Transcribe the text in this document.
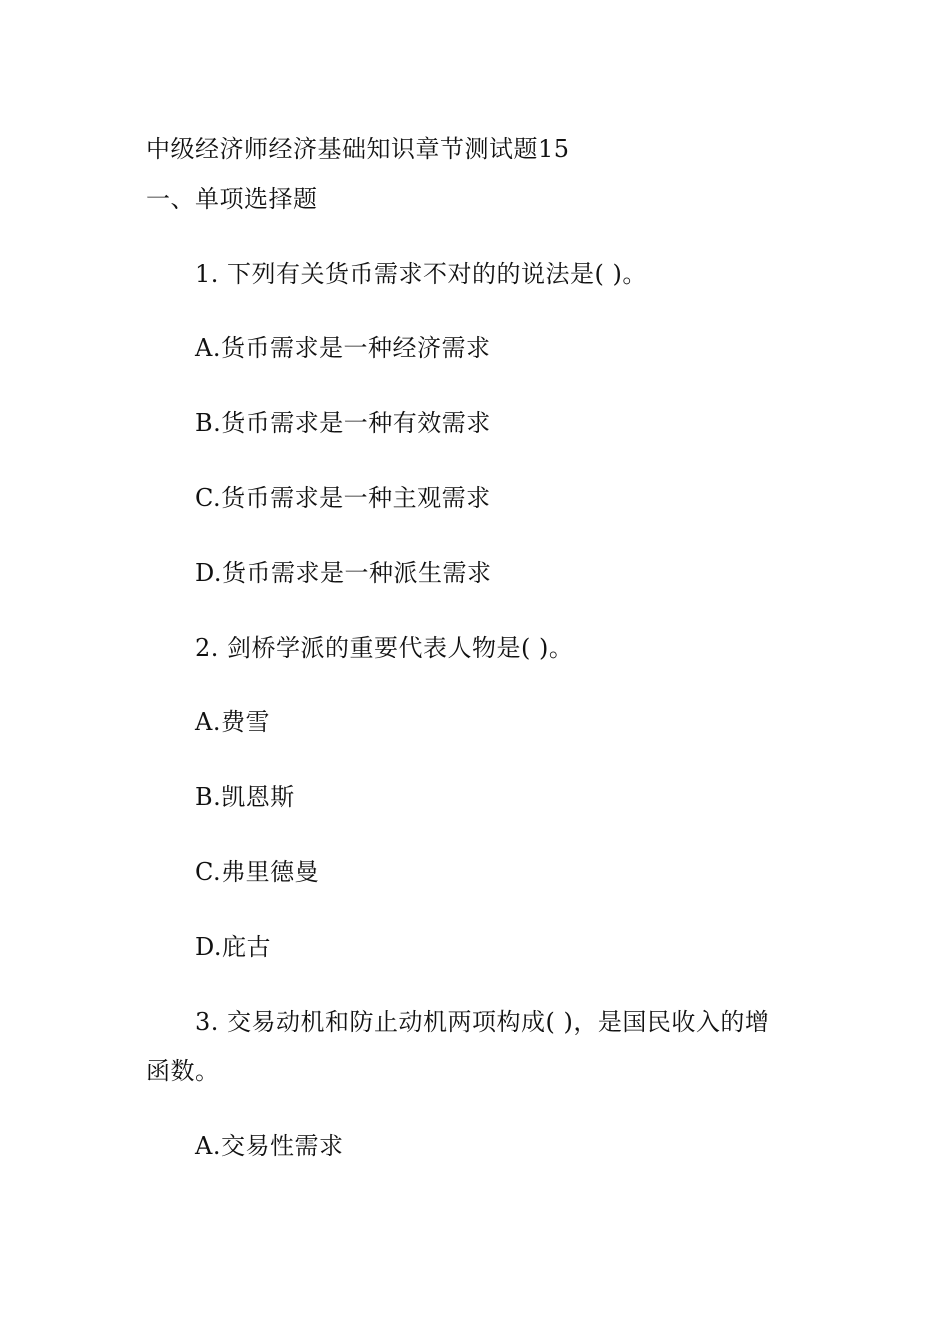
中级经济师经济基础知识章节测试题15
一、单项选择题
1. 下列有关货币需求不对的的说法是( )。
A.货币需求是一种经济需求
B.货币需求是一种有效需求
C.货币需求是一种主观需求
D.货币需求是一种派生需求
2. 剑桥学派的重要代表人物是( )。
A.费雪
B.凯恩斯
C.弗里德曼
D.庇古
3. 交易动机和防止动机两项构成( )，是国民收入的增
函数。
A.交易性需求
